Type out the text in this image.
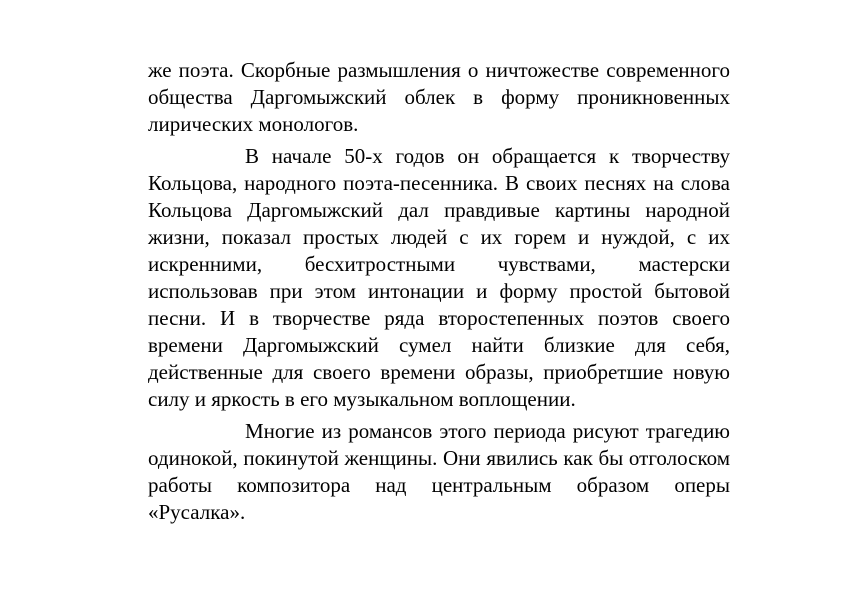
же поэта. Скорбные размышления о ничтожестве современного общества Даргомыжский облек в форму проникновенных лирических монологов.

В начале 50-х годов он обращается к творчеству Кольцова, народного поэта-песенника. В своих песнях на слова Кольцова Даргомыжский дал правдивые картины народной жизни, показал простых людей с их горем и нуждой, с их искренними, бесхитростными чувствами, мастерски использовав при этом интонации и форму простой бытовой песни. И в творчестве ряда второстепенных поэтов своего времени Даргомыжский сумел найти близкие для себя, действенные для своего времени образы, приобретшие новую силу и яркость в его музыкальном воплощении.

Многие из романсов этого периода рисуют трагедию одинокой, покинутой женщины. Они явились как бы отголоском работы композитора над центральным образом оперы «Русалка».
